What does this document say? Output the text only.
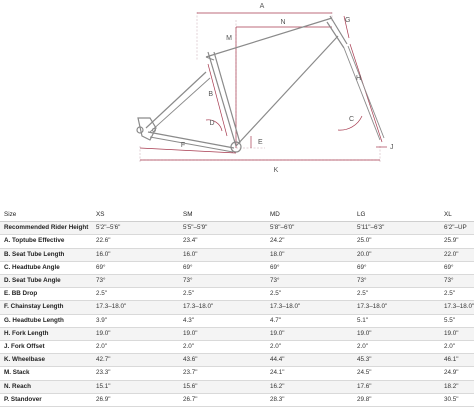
A
N
M
G
H
B
D
E
C
J
F
K
Size	XS	SM	MD	LG	XL
Recommended Rider Height	5'2"–5'6"	5'5"–5'9"	5'8"–6'0"	5'11"–6'3"	6'2"–UP
A. Toptube Effective	22.6"	23.4"	24.2"	25.0"	25.9"
B. Seat Tube Length	16.0"	16.0"	18.0"	20.0"	22.0"
C. Headtube Angle	69°	69°	69°	69°	69°
D. Seat Tube Angle	73°	73°	73°	73°	73°
E. BB Drop	2.5"	2.5"	2.5"	2.5"	2.5"
F. Chainstay Length	17.3–18.0"	17.3–18.0"	17.3–18.0"	17.3–18.0"	17.3–18.0"
G. Headtube Length	3.9"	4.3"	4.7"	5.1"	5.5"
H. Fork Length	19.0"	19.0"	19.0"	19.0"	19.0"
J. Fork Offset	2.0"	2.0"	2.0"	2.0"	2.0"
K. Wheelbase	42.7"	43.6"	44.4"	45.3"	46.1"
M. Stack	23.3"	23.7"	24.1"	24.5"	24.9"
N. Reach	15.1"	15.6"	16.2"	17.6"	18.2"
P. Standover	26.9"	26.7"	28.3"	29.8"	30.5"
